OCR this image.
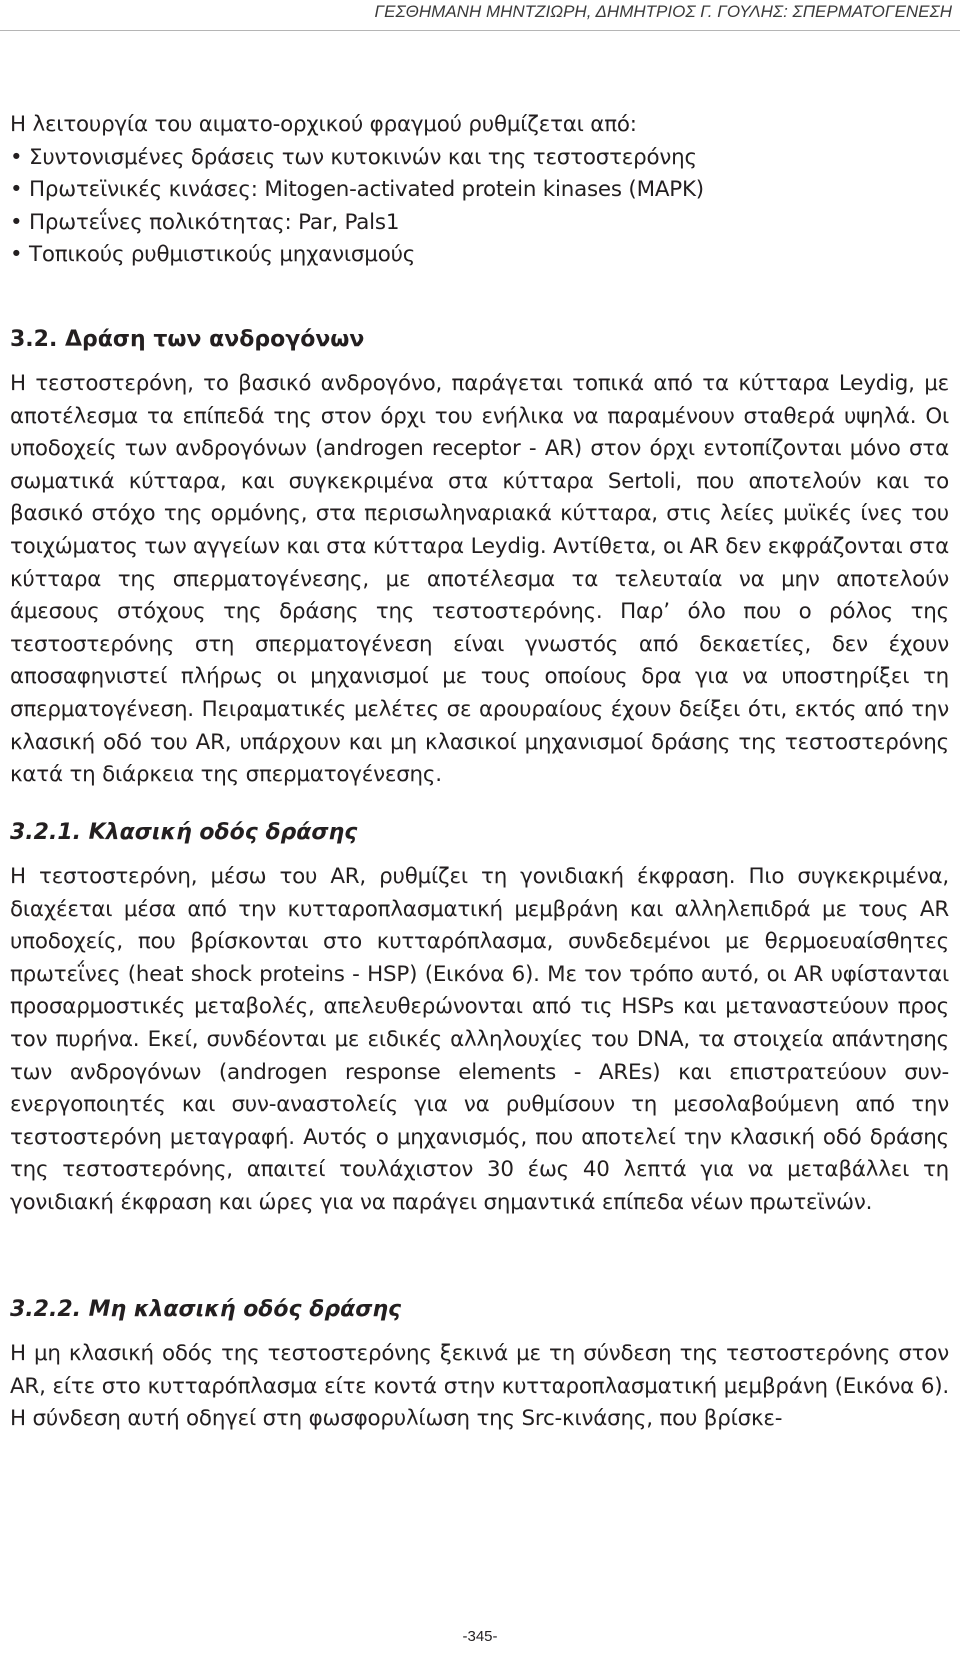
ΓΕΣΘΗΜΑΝΗ ΜΗΝΤΖΙΩΡΗ, ΔΗΜΗΤΡΙΟΣ Γ. ΓΟΥΛΗΣ: ΣΠΕΡΜΑΤΟΓΕΝΕΣΗ

Η λειτουργία του αιματο-ορχικού φραγμού ρυθμίζεται από:

• Συντονισμένες δράσεις των κυτοκινών και της τεστοστερόνης
• Πρωτεϊνικές κινάσες: Mitogen-activated protein kinases (MAPK)
• Πρωτεΐνες πολικότητας: Par, Pals1
• Τοπικούς ρυθμιστικούς μηχανισμούς
3.2. Δράση των ανδρογόνων

Η τεστοστερόνη, το βασικό ανδρογόνο, παράγεται τοπικά από τα κύτταρα Leydig, με αποτέλεσμα τα επίπεδά της στον όρχι του ενήλικα να παραμένουν σταθερά υψηλά. Οι υποδοχείς των ανδρογόνων (androgen receptor - AR) στον όρχι εντοπίζονται μόνο στα σωματικά κύτταρα, και συγκεκριμένα στα κύτταρα Sertoli, που αποτελούν και το βασικό στόχο της ορμόνης, στα περισωληναριακά κύτταρα, στις λείες μυϊκές ίνες του τοιχώματος των αγγείων και στα κύτταρα Leydig. Αντίθετα, οι AR δεν εκφράζονται στα κύτταρα της σπερματογένεσης, με αποτέλεσμα τα τελευταία να μην αποτελούν άμεσους στόχους της δράσης της τεστοστερόνης. Παρ’ όλο που ο ρόλος της τεστοστερόνης στη σπερματογένεση είναι γνωστός από δεκαετίες, δεν έχουν αποσαφηνιστεί πλήρως οι μηχανισμοί με τους οποίους δρα για να υποστηρίξει τη σπερματογένεση. Πειραματικές μελέτες σε αρουραίους έχουν δείξει ότι, εκτός από την κλασική οδό του AR, υπάρχουν και μη κλασικοί μηχανισμοί δράσης της τεστοστερόνης κατά τη διάρκεια της σπερματογένεσης.

3.2.1. Κλασική οδός δράσης

Η τεστοστερόνη, μέσω του AR, ρυθμίζει τη γονιδιακή έκφραση. Πιο συγκεκριμένα, διαχέεται μέσα από την κυτταροπλασματική μεμβράνη και αλληλεπιδρά με τους AR υποδοχείς, που βρίσκονται στο κυτταρόπλασμα, συνδεδεμένοι με θερμοευαίσθητες πρωτεΐνες (heat shock proteins - HSP) (Εικόνα 6). Με τον τρόπο αυτό, οι AR υφίστανται προσαρμοστικές μεταβολές, απελευθερώνονται από τις HSPs και μεταναστεύουν προς τον πυρήνα. Εκεί, συνδέονται με ειδικές αλληλουχίες του DNA, τα στοιχεία απάντησης των ανδρογόνων (androgen response elements - AREs) και επιστρατεύουν συν-ενεργοποιητές και συν-αναστολείς για να ρυθμίσουν τη μεσολαβούμενη από την τεστοστερόνη μεταγραφή. Αυτός ο μηχανισμός, που αποτελεί την κλασική οδό δράσης της τεστοστερόνης, απαιτεί τουλάχιστον 30 έως 40 λεπτά για να μεταβάλλει τη γονιδιακή έκφραση και ώρες για να παράγει σημαντικά επίπεδα νέων πρωτεϊνών.

3.2.2. Μη κλασική οδός δράσης

Η μη κλασική οδός της τεστοστερόνης ξεκινά με τη σύνδεση της τεστοστερόνης στον AR, είτε στο κυτταρόπλασμα είτε κοντά στην κυτταροπλασματική μεμβράνη (Εικόνα 6). Η σύνδεση αυτή οδηγεί στη φωσφορυλίωση της Src-κινάσης, που βρίσκε-

-345-
